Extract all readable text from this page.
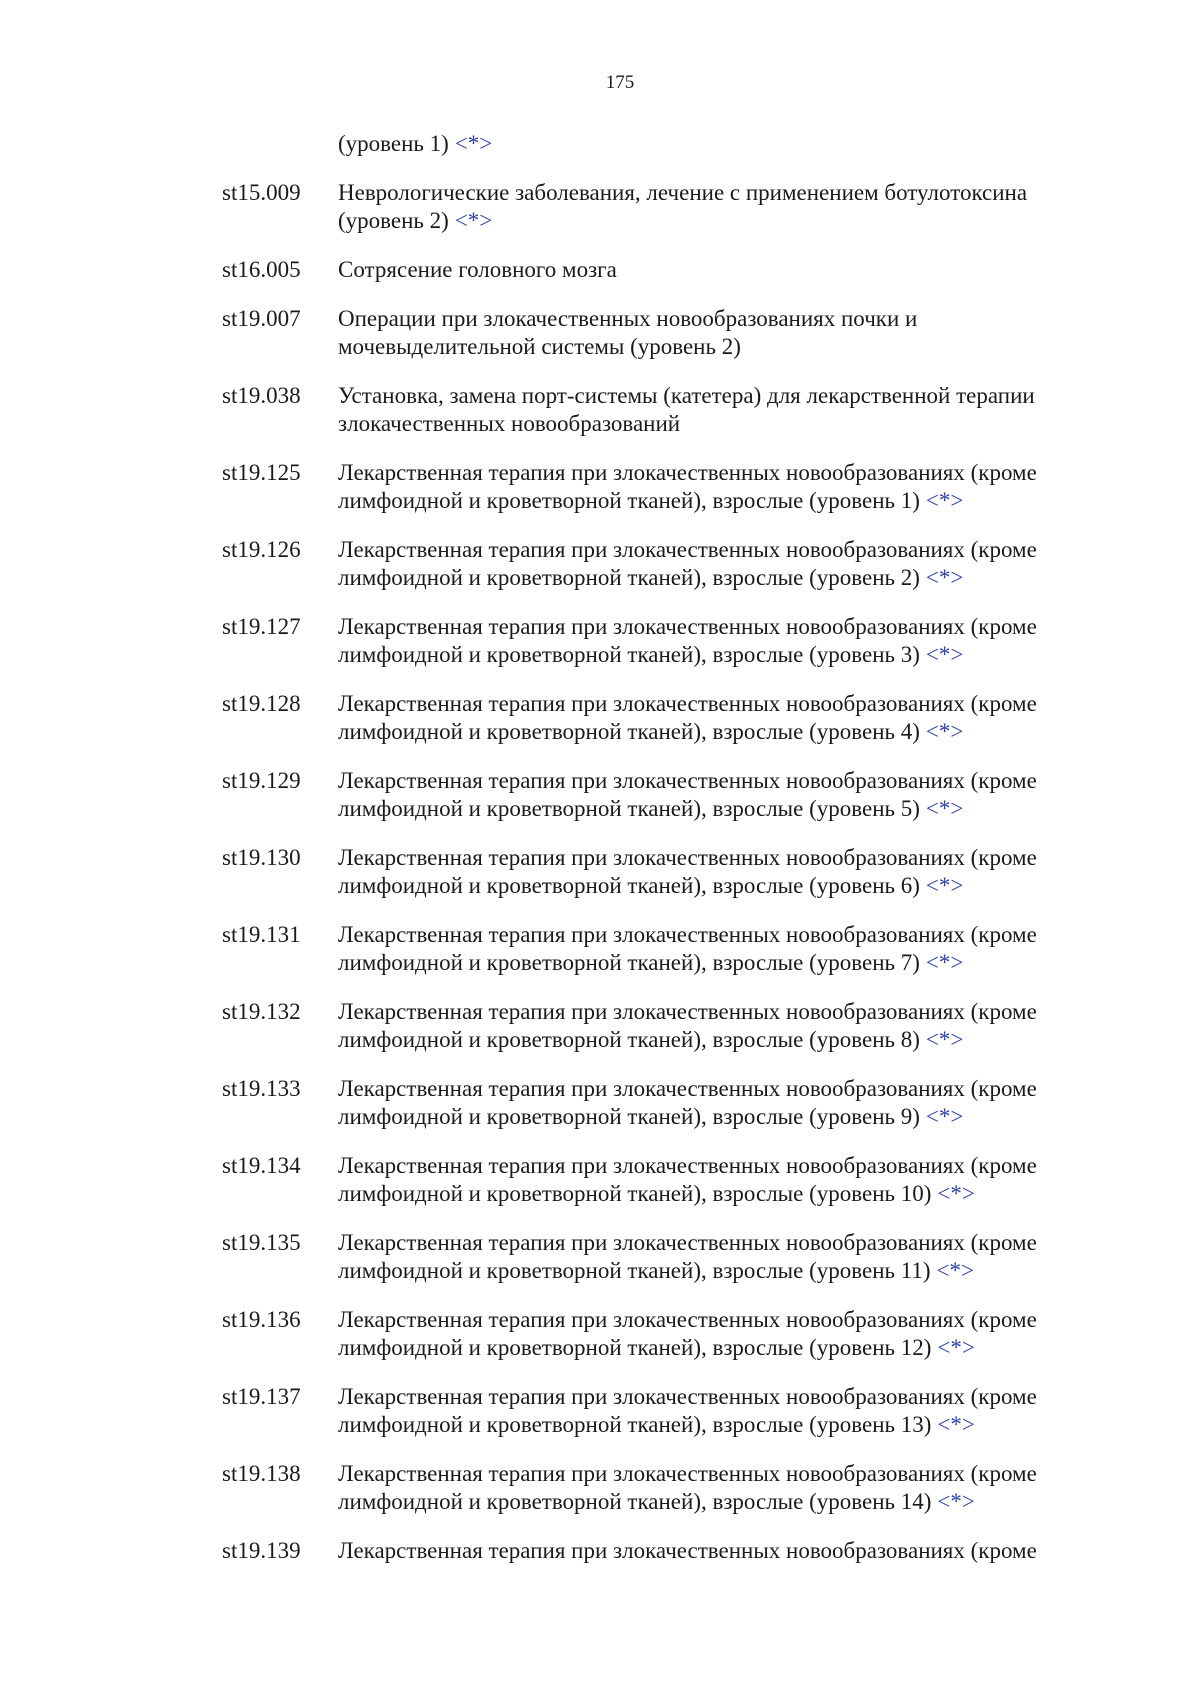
175
(уровень 1) <*>
st15.009	Неврологические заболевания, лечение с применением ботулотоксина
(уровень 2) <*>
st16.005	Сотрясение головного мозга
st19.007	Операции при злокачественных новообразованиях почки и
мочевыделительной системы (уровень 2)
st19.038	Установка, замена порт-системы (катетера) для лекарственной терапии
злокачественных новообразований
st19.125	Лекарственная терапия при злокачественных новообразованиях (кроме
лимфоидной и кроветворной тканей), взрослые (уровень 1) <*>
st19.126	Лекарственная терапия при злокачественных новообразованиях (кроме
лимфоидной и кроветворной тканей), взрослые (уровень 2) <*>
st19.127	Лекарственная терапия при злокачественных новообразованиях (кроме
лимфоидной и кроветворной тканей), взрослые (уровень 3) <*>
st19.128	Лекарственная терапия при злокачественных новообразованиях (кроме
лимфоидной и кроветворной тканей), взрослые (уровень 4) <*>
st19.129	Лекарственная терапия при злокачественных новообразованиях (кроме
лимфоидной и кроветворной тканей), взрослые (уровень 5) <*>
st19.130	Лекарственная терапия при злокачественных новообразованиях (кроме
лимфоидной и кроветворной тканей), взрослые (уровень 6) <*>
st19.131	Лекарственная терапия при злокачественных новообразованиях (кроме
лимфоидной и кроветворной тканей), взрослые (уровень 7) <*>
st19.132	Лекарственная терапия при злокачественных новообразованиях (кроме
лимфоидной и кроветворной тканей), взрослые (уровень 8) <*>
st19.133	Лекарственная терапия при злокачественных новообразованиях (кроме
лимфоидной и кроветворной тканей), взрослые (уровень 9) <*>
st19.134	Лекарственная терапия при злокачественных новообразованиях (кроме
лимфоидной и кроветворной тканей), взрослые (уровень 10) <*>
st19.135	Лекарственная терапия при злокачественных новообразованиях (кроме
лимфоидной и кроветворной тканей), взрослые (уровень 11) <*>
st19.136	Лекарственная терапия при злокачественных новообразованиях (кроме
лимфоидной и кроветворной тканей), взрослые (уровень 12) <*>
st19.137	Лекарственная терапия при злокачественных новообразованиях (кроме
лимфоидной и кроветворной тканей), взрослые (уровень 13) <*>
st19.138	Лекарственная терапия при злокачественных новообразованиях (кроме
лимфоидной и кроветворной тканей), взрослые (уровень 14) <*>
st19.139	Лекарственная терапия при злокачественных новообразованиях (кроме
